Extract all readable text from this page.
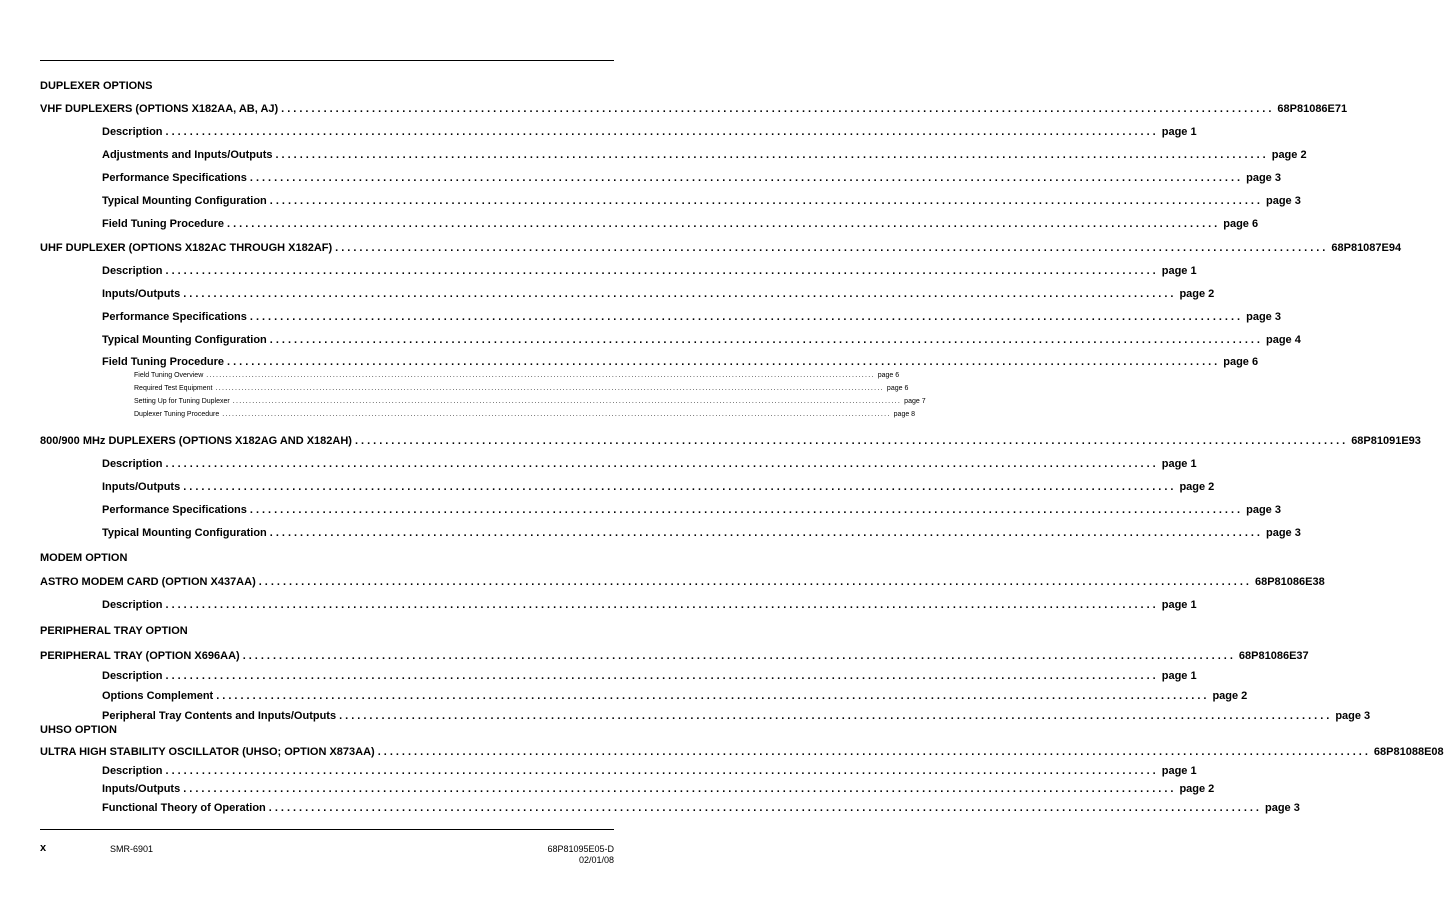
DUPLEXER OPTIONS
VHF DUPLEXERS (OPTIONS X182AA, AB, AJ) .................................................................................................................................................................... 68P81086E71
Description .................................................................................................................................................................... page 1
Adjustments and Inputs/Outputs .................................................................................................................................................................... page 2
Performance Specifications .................................................................................................................................................................... page 3
Typical Mounting Configuration .................................................................................................................................................................... page 3
Field Tuning Procedure .................................................................................................................................................................... page 6
UHF DUPLEXER (OPTIONS X182AC THROUGH X182AF) .................................................................................................................................................................... 68P81087E94
Description .................................................................................................................................................................... page 1
Inputs/Outputs .................................................................................................................................................................... page 2
Performance Specifications .................................................................................................................................................................... page 3
Typical Mounting Configuration .................................................................................................................................................................... page 4
Field Tuning Procedure .................................................................................................................................................................... page 6
Field Tuning Overview .............................................................................................................................................................................................................. page 6
Required Test Equipment .............................................................................................................................................................................................................. page 6
Setting Up for Tuning Duplexer .............................................................................................................................................................................................................. page 7
Duplexer Tuning Procedure .............................................................................................................................................................................................................. page 8
800/900 MHz DUPLEXERS (OPTIONS X182AG AND X182AH) .................................................................................................................................................................... 68P81091E93
Description .................................................................................................................................................................... page 1
Inputs/Outputs .................................................................................................................................................................... page 2
Performance Specifications .................................................................................................................................................................... page 3
Typical Mounting Configuration .................................................................................................................................................................... page 3
MODEM OPTION
ASTRO MODEM CARD (OPTION X437AA) .................................................................................................................................................................... 68P81086E38
Description .................................................................................................................................................................... page 1
PERIPHERAL TRAY OPTION
PERIPHERAL TRAY (OPTION X696AA) .................................................................................................................................................................... 68P81086E37
Description .................................................................................................................................................................... page 1
Options Complement .................................................................................................................................................................... page 2
Peripheral Tray Contents and Inputs/Outputs .................................................................................................................................................................... page 3
UHSO OPTION
ULTRA HIGH STABILITY OSCILLATOR (UHSO; OPTION X873AA) .................................................................................................................................................................... 68P81088E08
Description .................................................................................................................................................................... page 1
Inputs/Outputs .................................................................................................................................................................... page 2
Functional Theory of Operation .................................................................................................................................................................... page 3
x	SMR-6901	68P81095E05-D
02/01/08
